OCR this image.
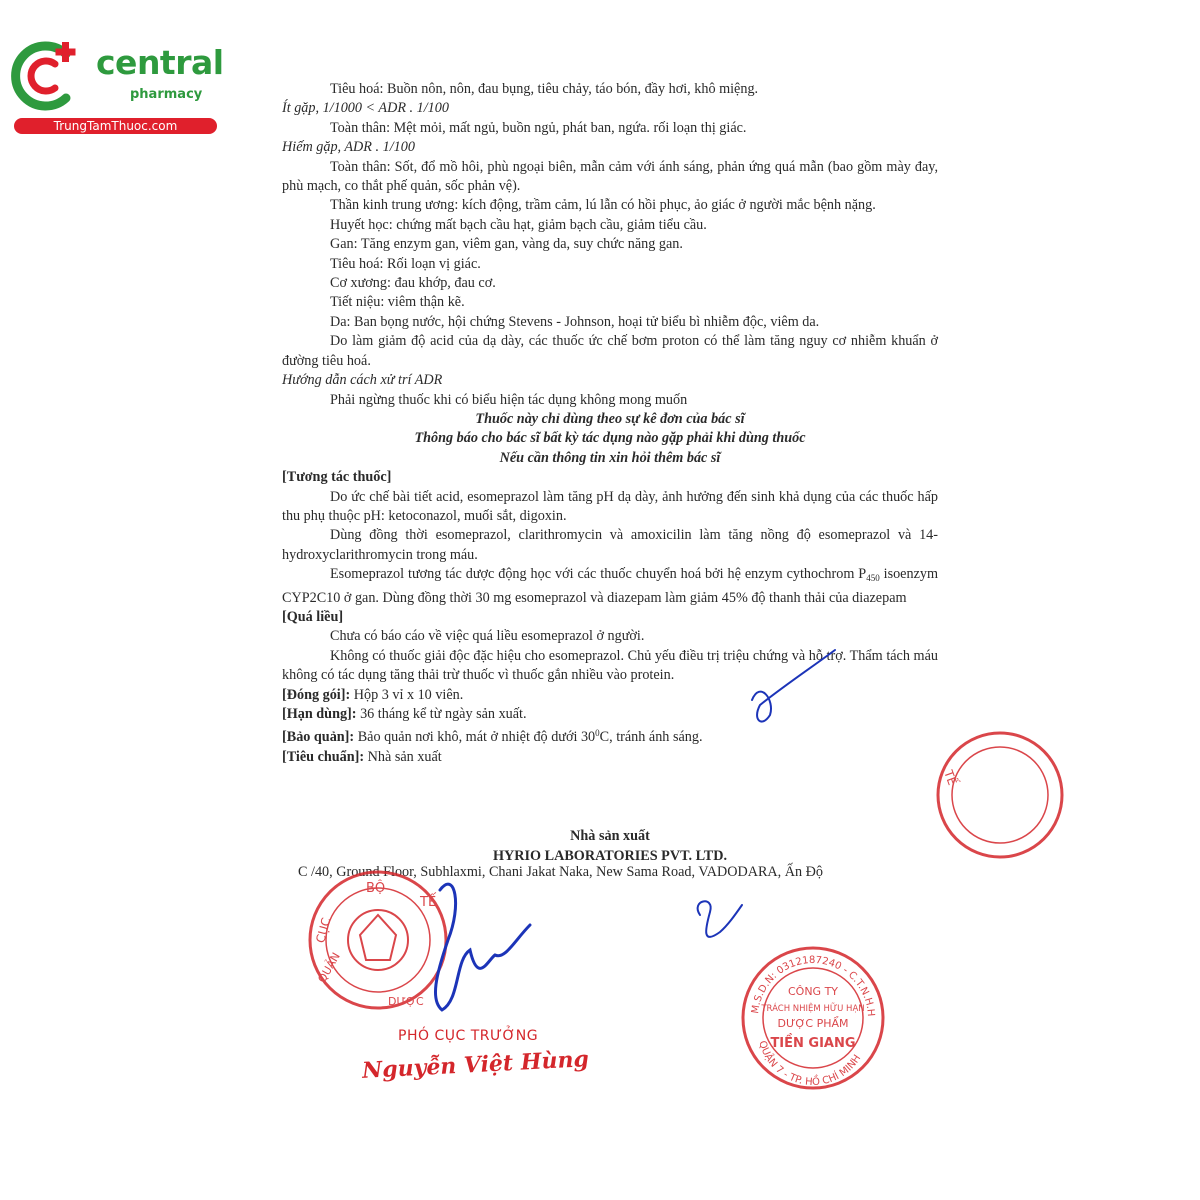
central
pharmacy
TrungTamThuoc.com

Tiêu hoá: Buồn nôn, nôn, đau bụng, tiêu chảy, táo bón, đầy hơi, khô miệng.

Ít gặp, 1/1000 < ADR . 1/100

Toàn thân: Mệt mỏi, mất ngủ, buồn ngủ, phát ban, ngứa. rối loạn thị giác.

Hiếm gặp, ADR . 1/100

Toàn thân: Sốt, đổ mồ hôi, phù ngoại biên, mẫn cảm với ánh sáng, phản ứng quá mẫn (bao gồm mày đay, phù mạch, co thắt phế quản, sốc phản vệ).

Thần kinh trung ương: kích động, trầm cảm, lú lẫn có hồi phục, ảo giác ở người mắc bệnh nặng.

Huyết học: chứng mất bạch cầu hạt, giảm bạch cầu, giảm tiểu cầu.

Gan: Tăng enzym gan, viêm gan, vàng da, suy chức năng gan.

Tiêu hoá: Rối loạn vị giác.

Cơ xương: đau khớp, đau cơ.

Tiết niệu: viêm thận kẽ.

Da: Ban bọng nước, hội chứng Stevens - Johnson, hoại tử biểu bì nhiễm độc, viêm da.

Do làm giảm độ acid của dạ dày, các thuốc ức chế bơm proton có thể làm tăng nguy cơ nhiễm khuẩn ở đường tiêu hoá.

Hướng dẫn cách xử trí ADR

Phải ngừng thuốc khi có biểu hiện tác dụng không mong muốn

Thuốc này chỉ dùng theo sự kê đơn của bác sĩ

Thông báo cho bác sĩ bất kỳ tác dụng nào gặp phải khi dùng thuốc

Nếu cần thông tin xin hỏi thêm bác sĩ

[Tương tác thuốc]

Do ức chế bài tiết acid, esomeprazol làm tăng pH dạ dày, ảnh hưởng đến sinh khả dụng của các thuốc hấp thu phụ thuộc pH: ketoconazol, muối sắt, digoxin.

Dùng đồng thời esomeprazol, clarithromycin và amoxicilin làm tăng nồng độ esomeprazol và 14- hydroxyclarithromycin trong máu.

Esomeprazol tương tác dược động học với các thuốc chuyển hoá bởi hệ enzym cythochrom $P_{450}$ isoenzym CYP2C10 ở gan. Dùng đồng thời 30 mg esomeprazol và diazepam làm giảm 45% độ thanh thải của diazepam

[Quá liều]

Chưa có báo cáo về việc quá liều esomeprazol ở người.

Không có thuốc giải độc đặc hiệu cho esomeprazol. Chủ yếu điều trị triệu chứng và hỗ trợ. Thẩm tách máu không có tác dụng tăng thải trừ thuốc vì thuốc gắn nhiều vào protein.

[Đóng gói]: Hộp 3 vỉ x 10 viên.

[Hạn dùng]: 36 tháng kể từ ngày sản xuất.

[Bảo quản]: Bảo quản nơi khô, mát ở nhiệt độ dưới $30^0C$, tránh ánh sáng.

[Tiêu chuẩn]: Nhà sản xuất

Nhà sản xuất
HYRIO LABORATORIES PVT. LTD.
C /40, Ground Floor, Subhlaxmi, Chani Jakat Naka, New Sama Road, VADODARA, Ấn Độ
BỘ
TẾ
CỤC
QUẢN
DƯỢC
TẾ
M.S.D.N: 0312187240 - C.T.N.H.H
QUẬN 7 - TP. HỒ CHÍ MINH
CÔNG TY
TRÁCH NHIỆM HỮU HẠN
DƯỢC PHẨM
TIỀN GIANG
PHÓ CỤC TRƯỞNG
Nguyễn Việt Hùng
